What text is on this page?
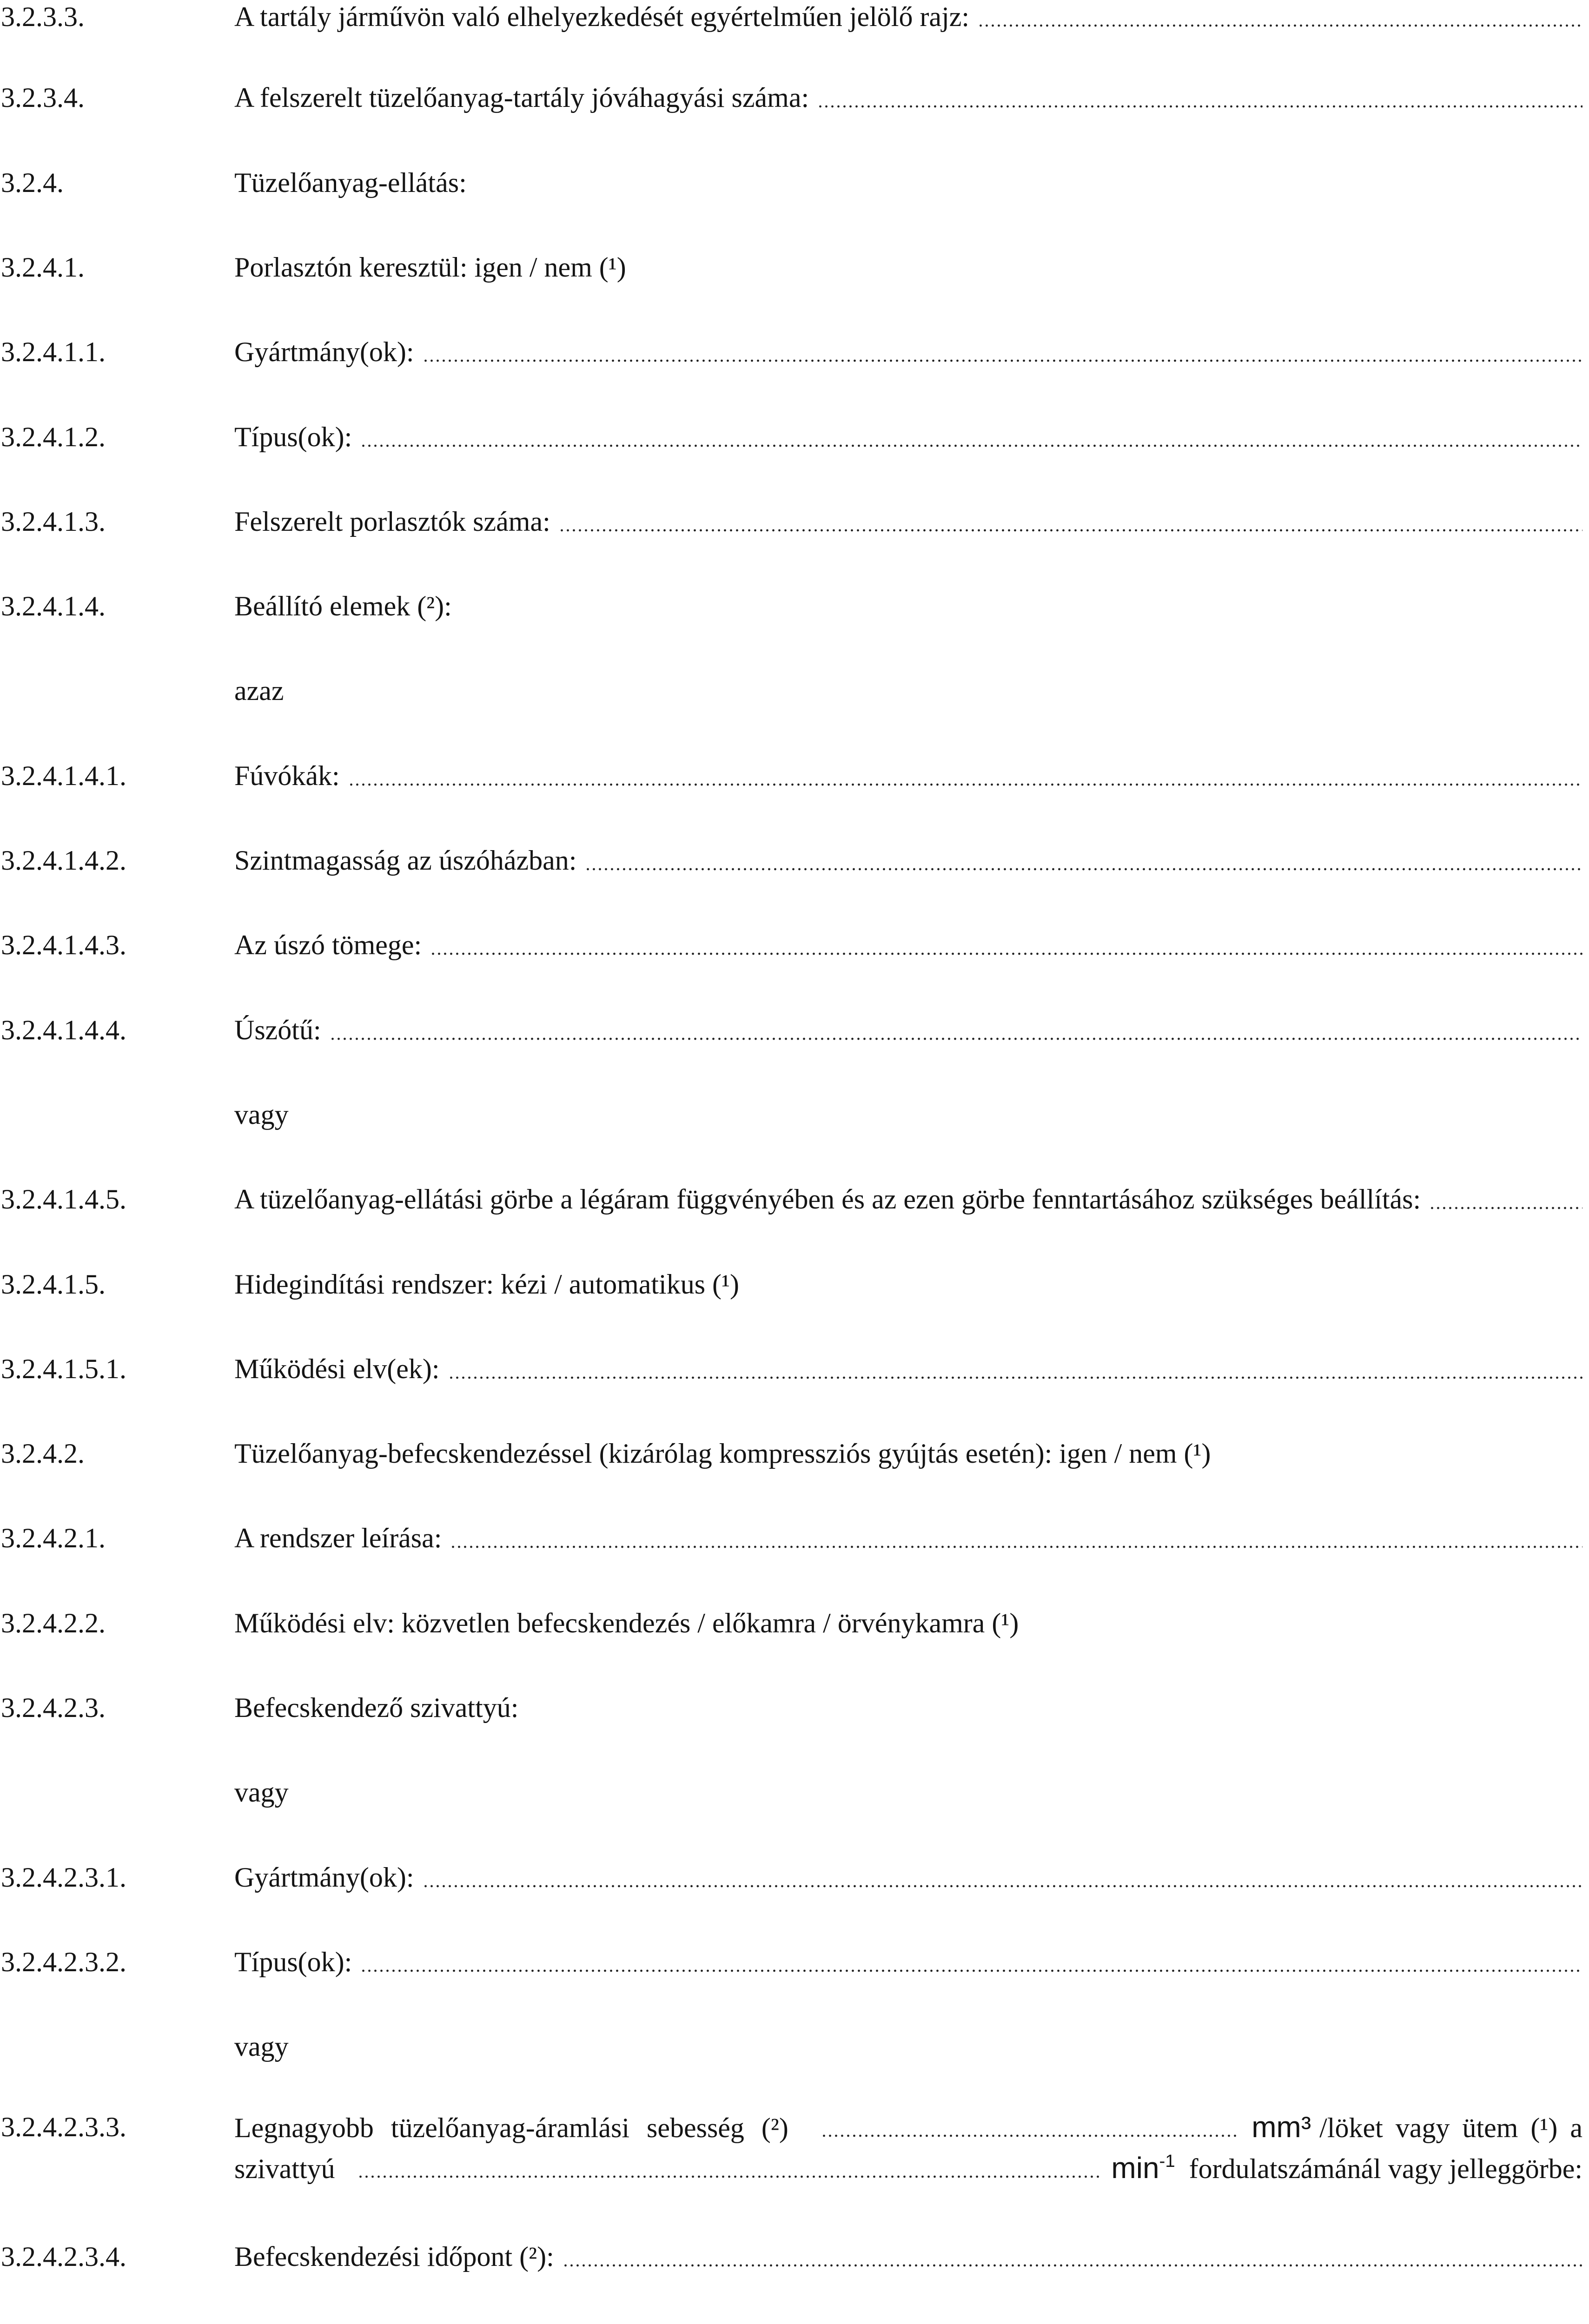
3.2.3.3.	A tartály járművön való elhelyezkedését egyértelműen jelölő rajz:
3.2.3.4.	A felszerelt tüzelőanyag-tartály jóváhagyási száma:
3.2.4.	Tüzelőanyag-ellátás:
3.2.4.1.	Porlasztón keresztül: igen / nem (¹)
3.2.4.1.1.	Gyártmány(ok):
3.2.4.1.2.	Típus(ok):
3.2.4.1.3.	Felszerelt porlasztók száma:
3.2.4.1.4.	Beállító elemek (²):
azaz
3.2.4.1.4.1.	Fúvókák:
3.2.4.1.4.2.	Szintmagasság az úszóházban:
3.2.4.1.4.3.	Az úszó tömege:
3.2.4.1.4.4.	Úszótű:
vagy
3.2.4.1.4.5.	A tüzelőanyag-ellátási görbe a légáram függvényében és az ezen görbe fenntartásához szükséges beállítás:
3.2.4.1.5.	Hidegindítási rendszer: kézi / automatikus (¹)
3.2.4.1.5.1.	Működési elv(ek):
3.2.4.2.	Tüzelőanyag-befecskendezéssel (kizárólag kompressziós gyújtás esetén): igen / nem (¹)
3.2.4.2.1.	A rendszer leírása:
3.2.4.2.2.	Működési elv: közvetlen befecskendezés / előkamra / örvénykamra (¹)
3.2.4.2.3.	Befecskendező szivattyú:
vagy
3.2.4.2.3.1.	Gyártmány(ok):
3.2.4.2.3.2.	Típus(ok):
vagy
3.2.4.2.3.3.	Legnagyobb tüzelőanyag-áramlási sebesség (²)	mm³ /löket vagy ütem (¹) a
szivattyú	$\min^{-1}$ fordulatszámánál vagy jelleggörbe:
3.2.4.2.3.4.	Befecskendezési időpont (²):
